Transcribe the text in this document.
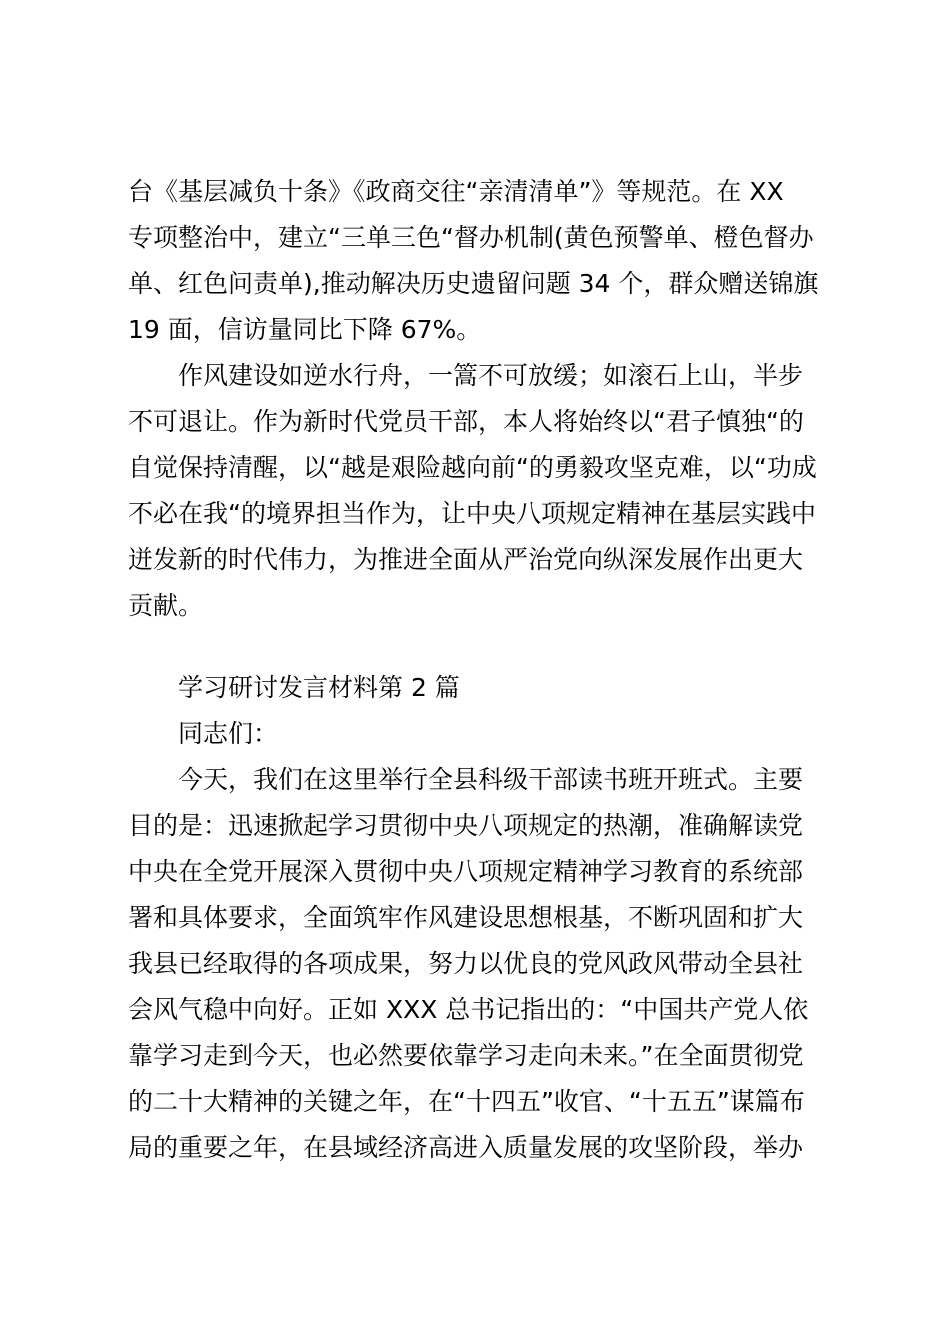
台《基层减负十条》《政商交往“亲清清单”》等规范。在 XX
专项整治中，建立“三单三色“督办机制(黄色预警单、橙色督办
单、红色问责单),推动解决历史遗留问题 34 个，群众赠送锦旗
19 面，信访量同比下降 67%。
作风建设如逆水行舟，一篙不可放缓；如滚石上山，半步
不可退让。作为新时代党员干部，本人将始终以“君子慎独“的
自觉保持清醒，以“越是艰险越向前“的勇毅攻坚克难，以“功成
不必在我“的境界担当作为，让中央八项规定精神在基层实践中
迸发新的时代伟力，为推进全面从严治党向纵深发展作出更大
贡献。
学习研讨发言材料第 2 篇
同志们：
今天，我们在这里举行全县科级干部读书班开班式。主要
目的是：迅速掀起学习贯彻中央八项规定的热潮，准确解读党
中央在全党开展深入贯彻中央八项规定精神学习教育的系统部
署和具体要求，全面筑牢作风建设思想根基，不断巩固和扩大
我县已经取得的各项成果，努力以优良的党风政风带动全县社
会风气稳中向好。正如 XXX 总书记指出的：“中国共产党人依
靠学习走到今天，也必然要依靠学习走向未来。”在全面贯彻党
的二十大精神的关键之年，在“十四五”收官、“十五五”谋篇布
局的重要之年，在县域经济高进入质量发展的攻坚阶段，举办
